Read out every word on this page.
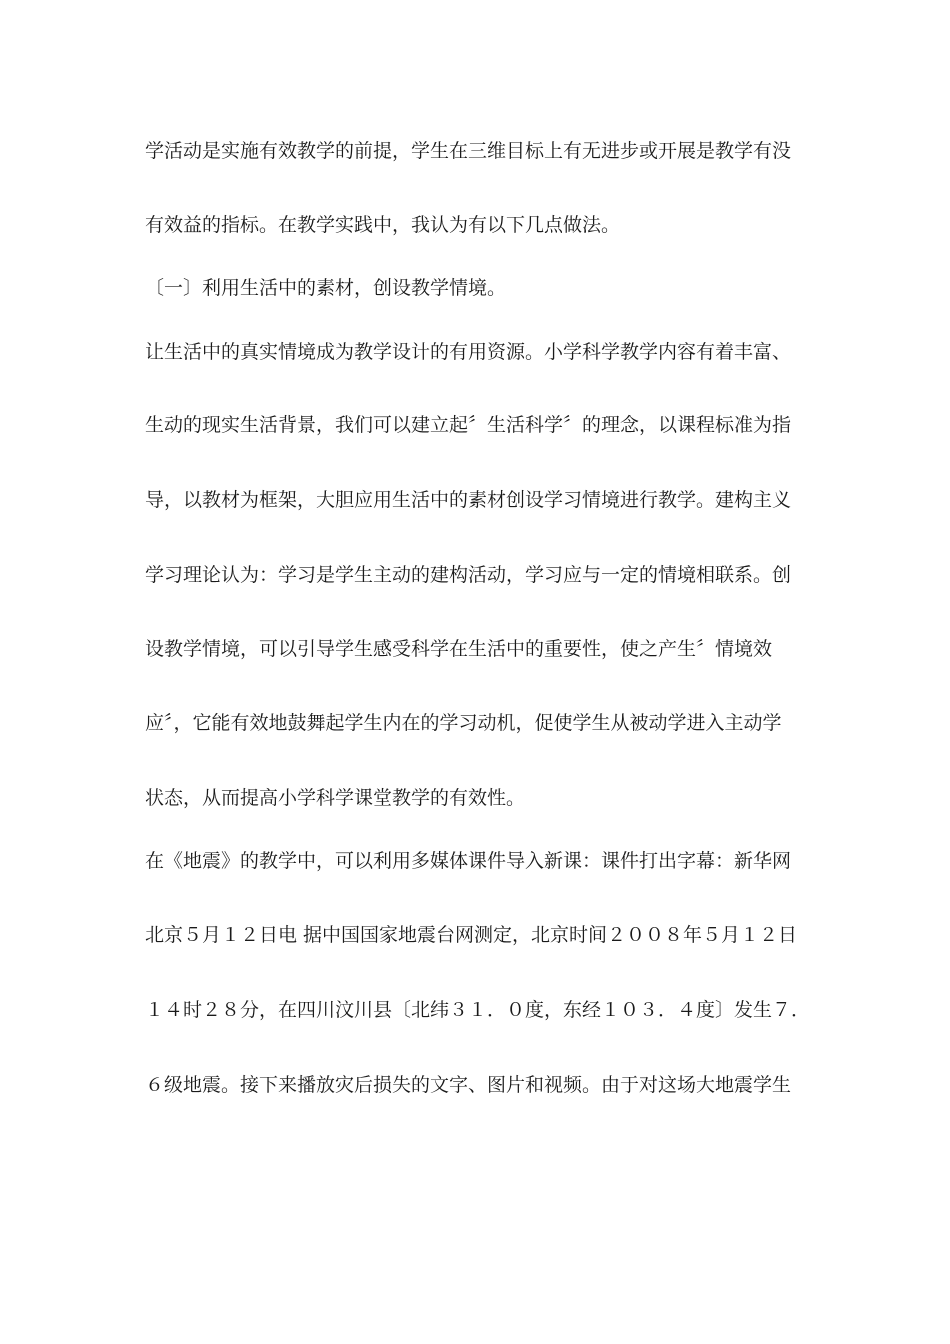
学活动是实施有效教学的前提，学生在三维目标上有无进步或开展是教学有没
有效益的指标。在教学实践中，我认为有以下几点做法。
〔一〕利用生活中的素材，创设教学情境。
让生活中的真实情境成为教学设计的有用资源。小学科学教学内容有着丰富、
生动的现实生活背景，我们可以建立起〞生活科学〞的理念，以课程标准为指
导，以教材为框架，大胆应用生活中的素材创设学习情境进行教学。建构主义
学习理论认为：学习是学生主动的建构活动，学习应与一定的情境相联系。创
设教学情境，可以引导学生感受科学在生活中的重要性，使之产生〞情境效
应〞，它能有效地鼓舞起学生内在的学习动机，促使学生从被动学进入主动学
状态，从而提高小学科学课堂教学的有效性。
在《地震》的教学中，可以利用多媒体课件导入新课：课件打出字幕：新华网
北京５月１２日电 据中国国家地震台网测定，北京时间２００８年５月１２日
１４时２８分，在四川汶川县〔北纬３１．０度，东经１０３．４度〕发生７．
６级地震。接下来播放灾后损失的文字、图片和视频。由于对这场大地震学生
